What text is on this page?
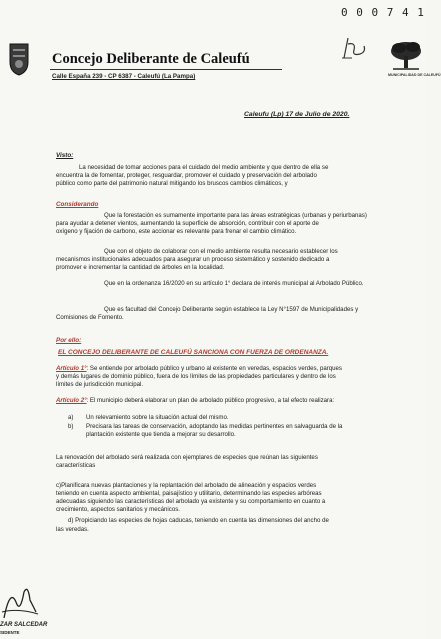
0 0 0 7 4 1
Concejo Deliberante de Caleufú
Calle España 239 - CP 6387 - Caleufú (La Pampa)	MUNICIPALIDAD DE CALEUFÚ
Caleufu (Lp) 17 de Julio de 2020.
Visto:
La necesidad de tomar acciones para el cuidado del medio ambiente y que dentro de ella se
encuentra la de fomentar, proteger, resguardar, promover el cuidado y preservación del arbolado
público como parte del patrimonio natural mitigando los bruscos cambios climáticos, y
Considerando
Que la forestación es sumamente importante para las áreas estratégicas (urbanas y periurbanas)
para ayudar a detener vientos, aumentando la superficie de absorción, contribuir con el aporte de
oxígeno y fijación de carbono, este accionar es relevante para frenar el cambio climático.
Que con el objeto de colaborar con el medio ambiente resulta necesario establecer los
mecanismos institucionales adecuados para asegurar un proceso sistemático y sostenido dedicado a
promover e incrementar la cantidad de árboles en la localidad.
Que en la ordenanza 16/2020 en su artículo 1° declara de interés municipal al Arbolado Público.
Que es facultad del Concejo Deliberante según establece la Ley N°1597 de Municipalidades y
Comisiones de Fomento.
Por ello:
EL CONCEJO DELIBERANTE DE CALEUFÚ SANCIONA CON FUERZA DE ORDENANZA.
Artículo 1°: Se entiende por arbolado público y urbano al existente en veredas, espacios verdes, parques
y demás lugares de dominio público, fuera de los límites de las propiedades particulares y dentro de los
límites de jurisdicción municipal.
Artículo 2°: El municipio deberá elaborar un plan de arbolado público progresivo, a tal efecto realizara:
a) Un relevamiento sobre la situación actual del mismo.
b) Precisara las tareas de conservación, adoptando las medidas pertinentes en salvaguarda de la
plantación existente que tienda a mejorar su desarrollo.
La renovación del arbolado será realizada con ejemplares de especies que reúnan las siguientes
características
c)Planificara nuevas plantaciones y la replantación del arbolado de alineación y espacios verdes
teniendo en cuenta aspecto ambiental, paisajístico y utilitario, determinando las especies arbóreas
adecuadas siguiendo las características del arbolado ya existente y su comportamiento en cuanto a
crecimiento, aspectos sanitarios y mecánicos.
d) Propiciando las especies de hojas caducas, teniendo en cuenta las dimensiones del ancho de
las veredas.
ZAR SALCEDAR
SIDENTE
